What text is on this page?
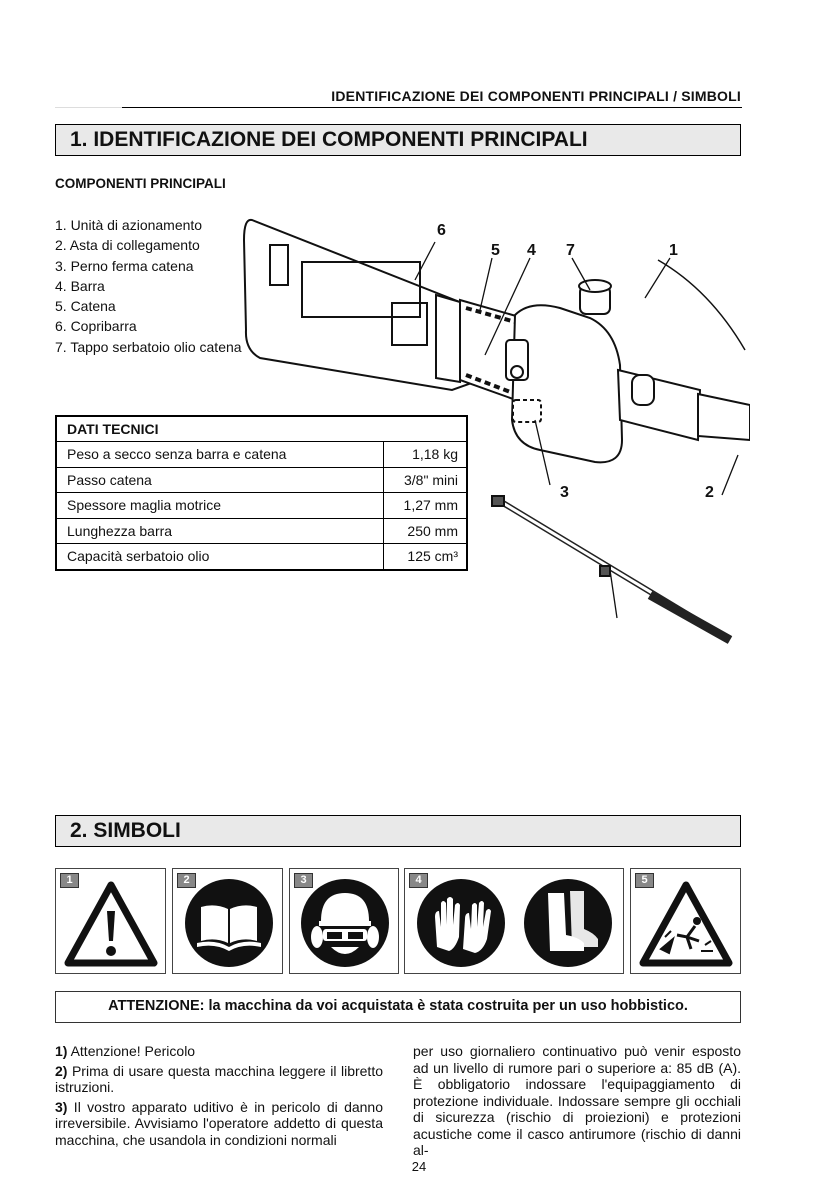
IDENTIFICAZIONE DEI COMPONENTI PRINCIPALI / SIMBOLI
1. IDENTIFICAZIONE DEI COMPONENTI PRINCIPALI
COMPONENTI PRINCIPALI
1. Unità di azionamento
2. Asta di collegamento
3. Perno ferma catena
4. Barra
5. Catena
6. Copribarra
7. Tappo serbatoio olio catena
6
5 4 7	1
3	2
DATI TECNICI	
Peso a secco senza barra e catena	1,18 kg
Passo catena	3/8" mini
Spessore maglia motrice	1,27 mm
Lunghezza barra	250 mm
Capacità serbatoio olio	125 cm³
2. SIMBOLI
1	2	3	4	5
ATTENZIONE: la macchina da voi acquistata è stata costruita per un uso hobbistico.

1) Attenzione! Pericolo

2) Prima di usare questa macchina leggere il libretto istruzioni.

3) Il vostro apparato uditivo è in pericolo di danno irreversibile. Avvisiamo l'operatore addetto di questa macchina, che usandola in condizioni normali

per uso giornaliero continuativo può venir esposto ad un livello di rumore pari o superiore a: 85 dB (A). È obbligatorio indossare l'equipaggiamento di protezione individuale. Indossare sempre gli occhiali di sicurezza (rischio di proiezioni) e protezioni acustiche come il casco antirumore (rischio di danni al-

24
